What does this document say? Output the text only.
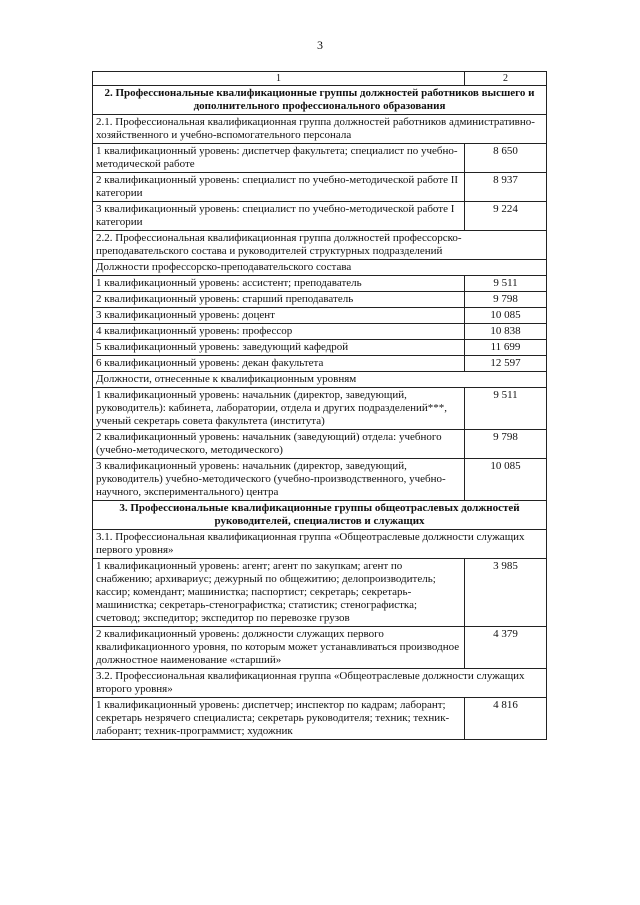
3
1	2
2. Профессиональные квалификационные группы должностей работников высшего и дополнительного профессионального образования	
2.1. Профессиональная квалификационная группа должностей работников административно-хозяйственного и учебно-вспомогательного персонала	
1 квалификационный уровень: диспетчер факультета; специалист по учебно-методической работе	8 650
2 квалификационный уровень: специалист по учебно-методической работе II категории	8 937
3 квалификационный уровень: специалист по учебно-методической работе I категории	9 224
2.2. Профессиональная квалификационная группа должностей профессорско-преподавательского состава и руководителей структурных подразделений	
Должности профессорско-преподавательского состава	
1 квалификационный уровень: ассистент; преподаватель	9 511
2 квалификационный уровень: старший преподаватель	9 798
3 квалификационный уровень: доцент	10 085
4 квалификационный уровень: профессор	10 838
5 квалификационный уровень: заведующий кафедрой	11 699
6 квалификационный уровень: декан факультета	12 597
Должности, отнесенные к квалификационным уровням	
1 квалификационный уровень: начальник (директор, заведующий, руководитель): кабинета, лаборатории, отдела и других подразделений***, ученый секретарь совета факультета (института)	9 511
2 квалификационный уровень: начальник (заведующий) отдела: учебного (учебно-методического, методического)	9 798
3 квалификационный уровень: начальник (директор, заведующий, руководитель) учебно-методического (учебно-производственного, учебно-научного, экспериментального) центра	10 085
3. Профессиональные квалификационные группы общеотраслевых должностей руководителей, специалистов и служащих	
3.1. Профессиональная квалификационная группа «Общеотраслевые должности служащих первого уровня»	
1 квалификационный уровень: агент; агент по закупкам; агент по снабжению; архивариус; дежурный по общежитию; делопроизводитель; кассир; комендант; машинистка; паспортист; секретарь; секретарь-машинистка; секретарь-стенографистка; статистик; стенографистка; счетовод; экспедитор; экспедитор по перевозке грузов	3 985
2 квалификационный уровень: должности служащих первого квалификационного уровня, по которым может устанавливаться производное должностное наименование «старший»	4 379
3.2. Профессиональная квалификационная группа «Общеотраслевые должности служащих второго уровня»	
1 квалификационный уровень: диспетчер; инспектор по кадрам; лаборант; секретарь незрячего специалиста; секретарь руководителя; техник; техник-лаборант; техник-программист; художник	4 816
